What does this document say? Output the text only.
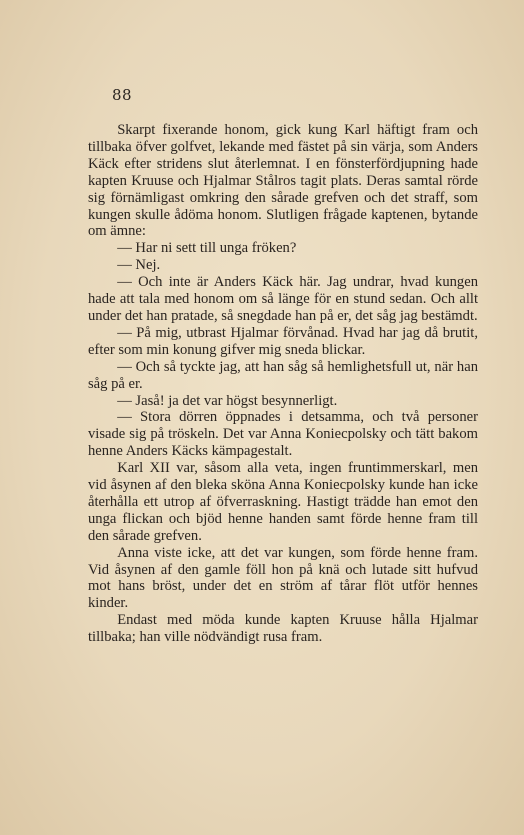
88

Skarpt fixerande honom, gick kung Karl häftigt fram och tillbaka öfver golfvet, lekande med fästet på sin värja, som Anders Käck efter stridens slut återlemnat. I en fönsterfördjupning hade kapten Kruuse och Hjalmar Stålros tagit plats. Deras samtal rörde sig förnämligast omkring den sårade grefven och det straff, som kungen skulle ådöma honom. Slutligen frågade kaptenen, bytande om ämne:

— Har ni sett till unga fröken?

— Nej.

— Och inte är Anders Käck här. Jag undrar, hvad kungen hade att tala med honom om så länge för en stund sedan. Och allt under det han pratade, så snegdade han på er, det såg jag bestämdt.

— På mig, utbrast Hjalmar förvånad. Hvad har jag då brutit, efter som min konung gifver mig sneda blickar.

— Och så tyckte jag, att han såg så hemlighetsfull ut, när han såg på er.

— Jaså! ja det var högst besynnerligt.

— Stora dörren öppnades i detsamma, och två personer visade sig på tröskeln. Det var Anna Koniecpolsky och tätt bakom henne Anders Käcks kämpagestalt.

Karl XII var, såsom alla veta, ingen fruntimmerskarl, men vid åsynen af den bleka sköna Anna Koniecpolsky kunde han icke återhålla ett utrop af öfverraskning. Hastigt trädde han emot den unga flickan och bjöd henne handen samt förde henne fram till den sårade grefven.

Anna viste icke, att det var kungen, som förde henne fram. Vid åsynen af den gamle föll hon på knä och lutade sitt hufvud mot hans bröst, under det en ström af tårar flöt utför hennes kinder.

Endast med möda kunde kapten Kruuse hålla Hjalmar tillbaka; han ville nödvändigt rusa fram.
